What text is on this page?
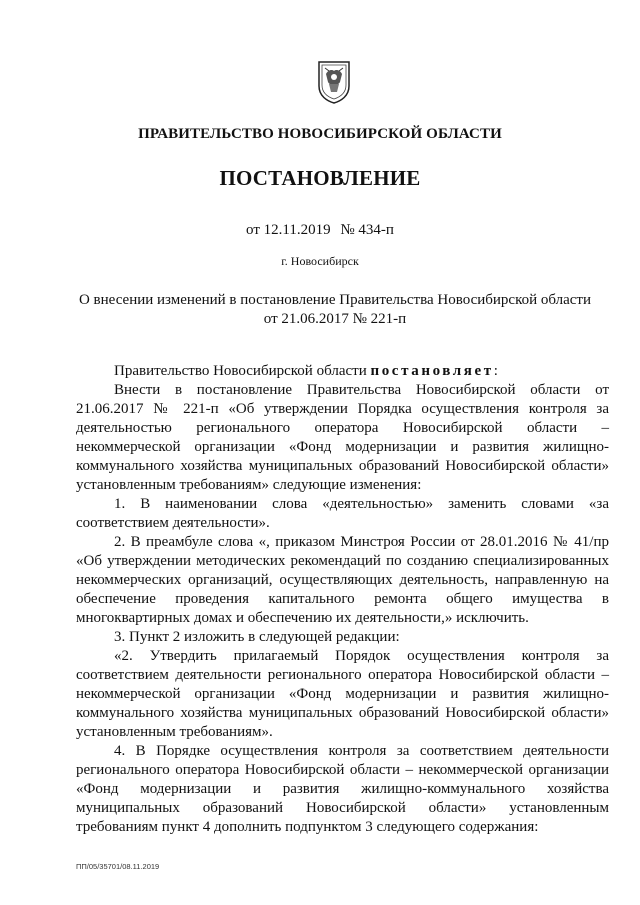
ПРАВИТЕЛЬСТВО НОВОСИБИРСКОЙ ОБЛАСТИ
ПОСТАНОВЛЕНИЕ
от 12.11.2019 № 434-п
г. Новосибирск
О внесении изменений в постановление Правительства Новосибирской области
от 21.06.2017 № 221-п

Правительство Новосибирской области постановляет:

Внести в постановление Правительства Новосибирской области от 21.06.2017 № 221-п «Об утверждении Порядка осуществления контроля за деятельностью регионального оператора Новосибирской области – некоммерческой организации «Фонд модернизации и развития жилищно-коммунального хозяйства муниципальных образований Новосибирской области» установленным требованиям» следующие изменения:

1. В наименовании слова «деятельностью» заменить словами «за соответствием деятельности».

2. В преамбуле слова «, приказом Минстроя России от 28.01.2016 № 41/пр «Об утверждении методических рекомендаций по созданию специализированных некоммерческих организаций, осуществляющих деятельность, направленную на обеспечение проведения капитального ремонта общего имущества в многоквартирных домах и обеспечению их деятельности,» исключить.

3. Пункт 2 изложить в следующей редакции:

«2. Утвердить прилагаемый Порядок осуществления контроля за соответствием деятельности регионального оператора Новосибирской области – некоммерческой организации «Фонд модернизации и развития жилищно-коммунального хозяйства муниципальных образований Новосибирской области» установленным требованиям».

4. В Порядке осуществления контроля за соответствием деятельности регионального оператора Новосибирской области – некоммерческой организации «Фонд модернизации и развития жилищно-коммунального хозяйства муниципальных образований Новосибирской области» установленным требованиям пункт 4 дополнить подпунктом 3 следующего содержания:

ПП/05/35701/08.11.2019
